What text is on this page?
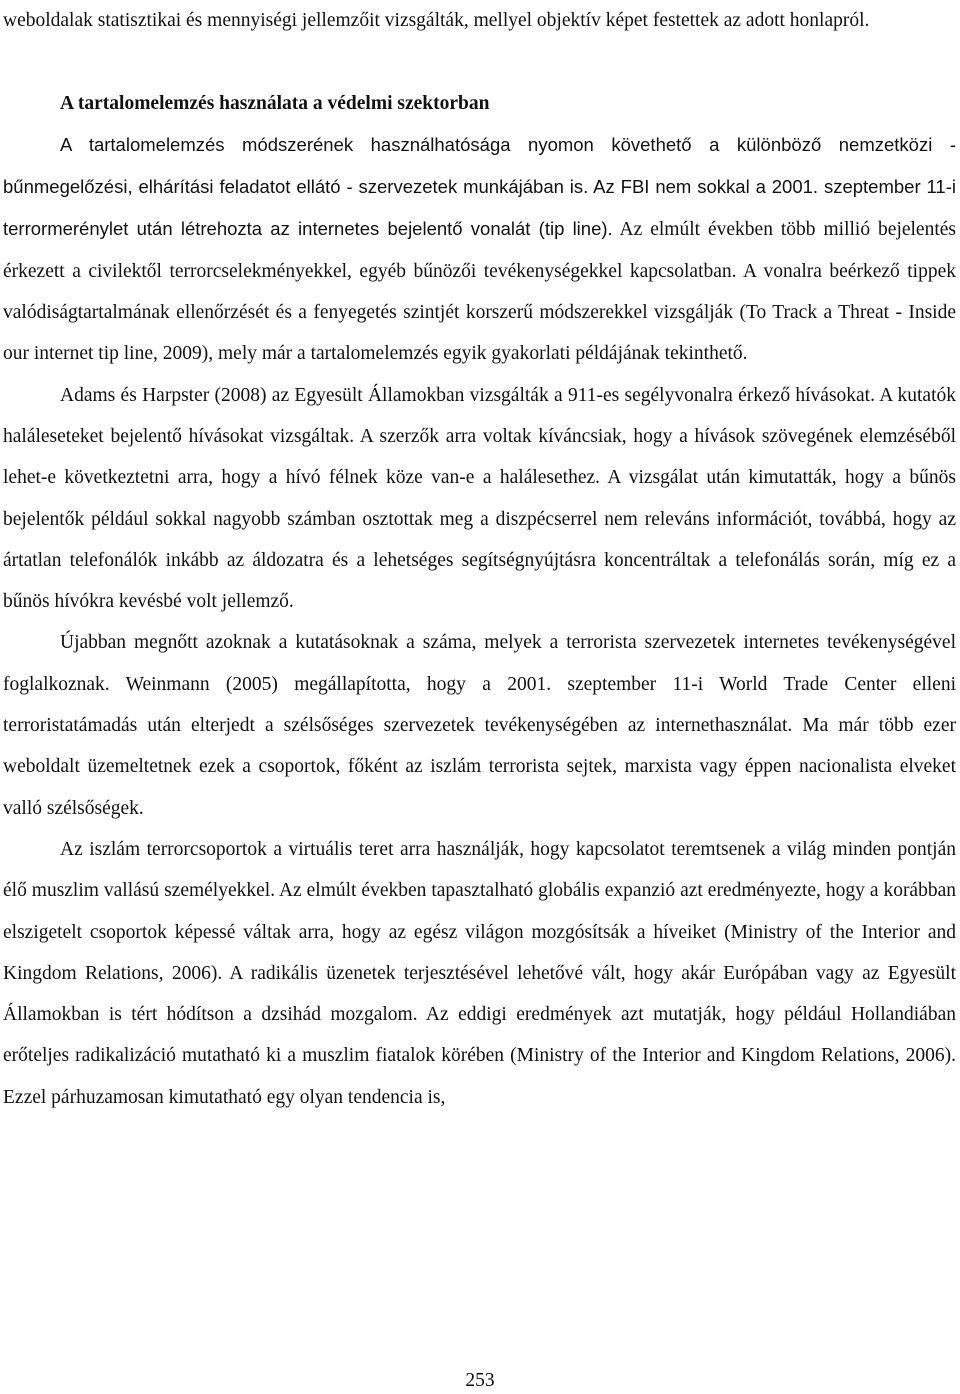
weboldalak statisztikai és mennyiségi jellemzőit vizsgálták, mellyel objektív képet festettek az adott honlapról.

A tartalomelemzés használata a védelmi szektorban

A tartalomelemzés módszerének használhatósága nyomon követhető a különböző nemzetközi - bűnmegelőzési, elhárítási feladatot ellátó - szervezetek munkájában is. Az FBI nem sokkal a 2001. szeptember 11-i terrormerénylet után létrehozta az internetes bejelentő vonalát (tip line). Az elmúlt években több millió bejelentés érkezett a civilektől terrorcselekményekkel, egyéb bűnözői tevékenységekkel kapcsolatban. A vonalra beérkező tippek valódiságtartalmának ellenőrzését és a fenyegetés szintjét korszerű módszerekkel vizsgálják (To Track a Threat - Inside our internet tip line, 2009), mely már a tartalomelemzés egyik gyakorlati példájának tekinthető.

Adams és Harpster (2008) az Egyesült Államokban vizsgálták a 911-es segélyvonalra érkező hívásokat. A kutatók haláleseteket bejelentő hívásokat vizsgáltak. A szerzők arra voltak kíváncsiak, hogy a hívások szövegének elemzéséből lehet-e következtetni arra, hogy a hívó félnek köze van-e a halálesethez. A vizsgálat után kimutatták, hogy a bűnös bejelentők például sokkal nagyobb számban osztottak meg a diszpécserrel nem releváns információt, továbbá, hogy az ártatlan telefonálók inkább az áldozatra és a lehetséges segítségnyújtásra koncentráltak a telefonálás során, míg ez a bűnös hívókra kevésbé volt jellemző.

Újabban megnőtt azoknak a kutatásoknak a száma, melyek a terrorista szervezetek internetes tevékenységével foglalkoznak. Weinmann (2005) megállapította, hogy a 2001. szeptember 11-i World Trade Center elleni terroristatámadás után elterjedt a szélsőséges szervezetek tevékenységében az internethasználat. Ma már több ezer weboldalt üzemeltetnek ezek a csoportok, főként az iszlám terrorista sejtek, marxista vagy éppen nacionalista elveket valló szélsőségek.

Az iszlám terrorcsoportok a virtuális teret arra használják, hogy kapcsolatot teremtsenek a világ minden pontján élő muszlim vallású személyekkel. Az elmúlt években tapasztalható globális expanzió azt eredményezte, hogy a korábban elszigetelt csoportok képessé váltak arra, hogy az egész világon mozgósítsák a híveiket (Ministry of the Interior and Kingdom Relations, 2006). A radikális üzenetek terjesztésével lehetővé vált, hogy akár Európában vagy az Egyesült Államokban is tért hódítson a dzsihád mozgalom. Az eddigi eredmények azt mutatják, hogy például Hollandiában erőteljes radikalizáció mutatható ki a muszlim fiatalok körében (Ministry of the Interior and Kingdom Relations, 2006). Ezzel párhuzamosan kimutatható egy olyan tendencia is,

253
